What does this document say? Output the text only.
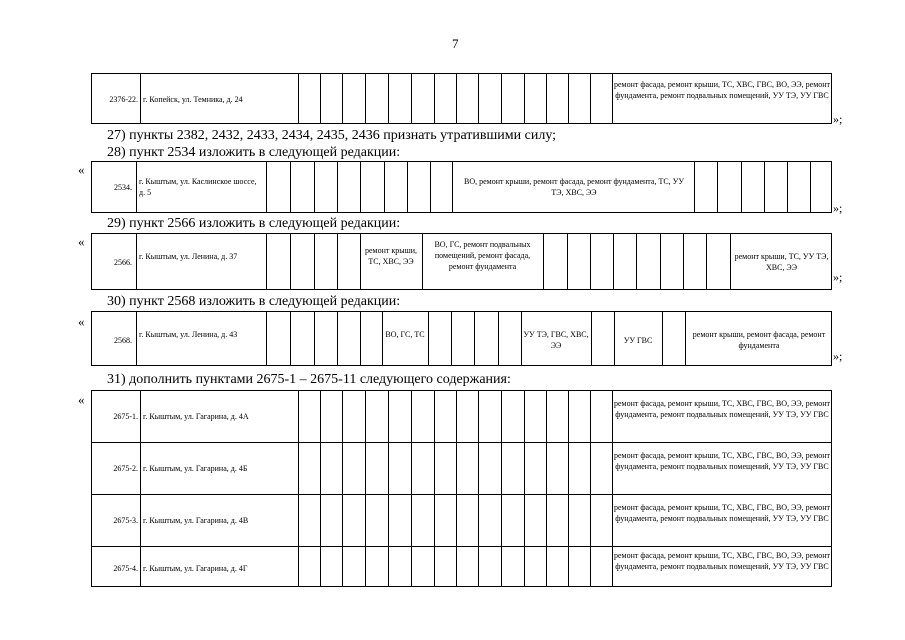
7
2376-22. г. Копейск, ул. Темника, д. 24
ремонт фасада, ремонт крыши, ТС, ХВС, ГВС, ВО, ЭЭ, ремонт фундамента, ремонт подвальных помещений, УУ ТЭ, УУ ГВС
»;
27) пункты 2382, 2432, 2433, 2434, 2435, 2436 признать утратившими силу;
28) пункт 2534 изложить в следующей редакции:
«
2534.
г. Кыштым, ул. Каслинское шоссе, д. 5
ВО, ремонт крыши, ремонт фасада, ремонт фундамента, ТС, УУ ТЭ, ХВС, ЭЭ
»;
29) пункт 2566 изложить в следующей редакции:
«
2566.
г. Кыштым, ул. Ленина, д. 37
ремонт крыши, ТС, ХВС, ЭЭ
ВО, ГС, ремонт подвальных помещений, ремонт фасада, ремонт фундамента
ремонт крыши, ТС, УУ ТЭ, ХВС, ЭЭ
»;
30) пункт 2568 изложить в следующей редакции:
«
2568.
г. Кыштым, ул. Ленина, д. 43	ВО, ГС, ТС	УУ ТЭ, ГВС, ХВС, ЭЭ
УУ ГВС
ремонт крыши, ремонт фасада, ремонт фундамента
»;
31) дополнить пунктами 2675-1 – 2675-11 следующего содержания:
«
2675-1. г. Кыштым, ул. Гагарина, д. 4А
ремонт фасада, ремонт крыши, ТС, ХВС, ГВС, ВО, ЭЭ, ремонт фундамента, ремонт подвальных помещений, УУ ТЭ, УУ ГВС
2675-2. г. Кыштым, ул. Гагарина, д. 4Б
ремонт фасада, ремонт крыши, ТС, ХВС, ГВС, ВО, ЭЭ, ремонт фундамента, ремонт подвальных помещений, УУ ТЭ, УУ ГВС
2675-3. г. Кыштым, ул. Гагарина, д. 4В
ремонт фасада, ремонт крыши, ТС, ХВС, ГВС, ВО, ЭЭ, ремонт фундамента, ремонт подвальных помещений, УУ ТЭ, УУ ГВС
2675-4. г. Кыштым, ул. Гагарина, д. 4Г
ремонт фасада, ремонт крыши, ТС, ХВС, ГВС, ВО, ЭЭ, ремонт фундамента, ремонт подвальных помещений, УУ ТЭ, УУ ГВС
